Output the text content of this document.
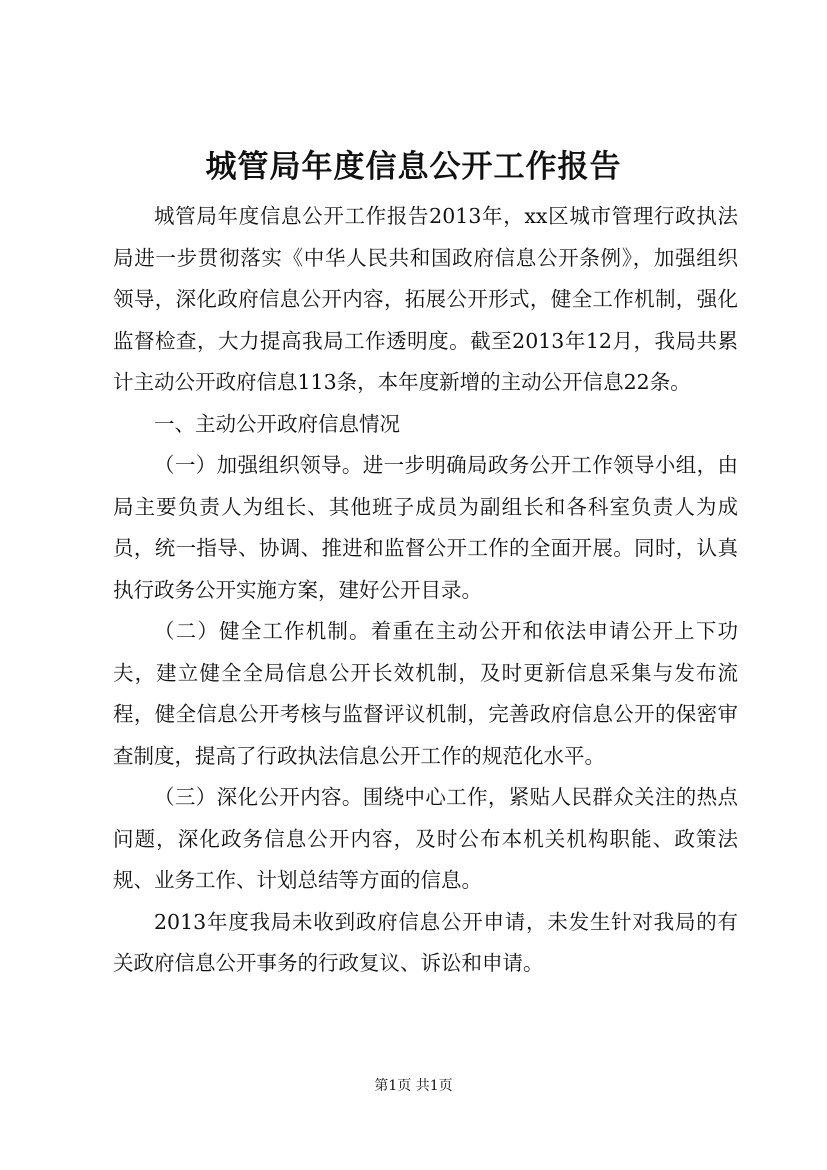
城管局年度信息公开工作报告

城管局年度信息公开工作报告2013年，xx区城市管理行政执法局进一步贯彻落实《中华人民共和国政府信息公开条例》，加强组织领导，深化政府信息公开内容，拓展公开形式，健全工作机制，强化监督检查，大力提高我局工作透明度。截至2013年12月，我局共累计主动公开政府信息113条，本年度新增的主动公开信息22条。

一、主动公开政府信息情况

（一）加强组织领导。进一步明确局政务公开工作领导小组，由局主要负责人为组长、其他班子成员为副组长和各科室负责人为成员，统一指导、协调、推进和监督公开工作的全面开展。同时，认真执行政务公开实施方案，建好公开目录。

（二）健全工作机制。着重在主动公开和依法申请公开上下功夫，建立健全全局信息公开长效机制，及时更新信息采集与发布流程，健全信息公开考核与监督评议机制，完善政府信息公开的保密审查制度，提高了行政执法信息公开工作的规范化水平。

（三）深化公开内容。围绕中心工作，紧贴人民群众关注的热点问题，深化政务信息公开内容，及时公布本机关机构职能、政策法规、业务工作、计划总结等方面的信息。

2013年度我局未收到政府信息公开申请，未发生针对我局的有关政府信息公开事务的行政复议、诉讼和申请。

第1页 共1页
